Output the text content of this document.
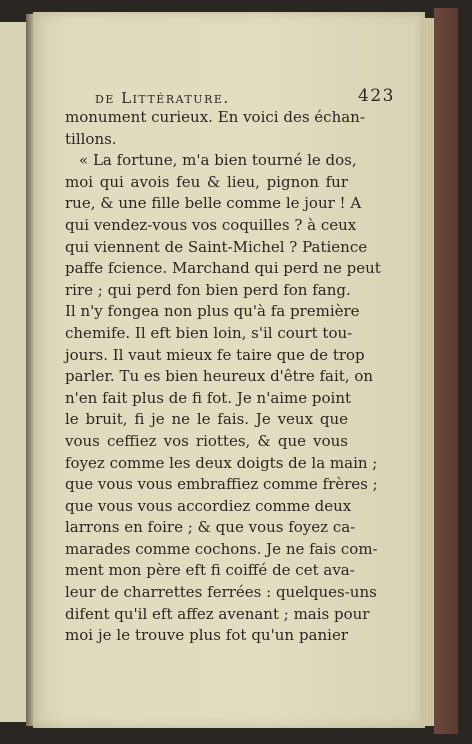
de Littérature.	423
monument curieux. En voici des échan-
tillons.
« La fortune, m'a bien tourné le dos,
moi qui avois feu & lieu, pignon fur
rue, & une fille belle comme le jour ! A
qui vendez-vous vos coquilles ? à ceux
qui viennent de Saint-Michel ? Patience
paffe fcience. Marchand qui perd ne peut
rire ; qui perd fon bien perd fon fang.
Il n'y fongea non plus qu'à fa première
chemife. Il eft bien loin, s'il court tou-
jours. Il vaut mieux fe taire que de trop
parler. Tu es bien heureux d'être fait, on
n'en fait plus de fi fot. Je n'aime point
le bruit, fi je ne le fais. Je veux que
vous ceffiez vos riottes, & que vous
foyez comme les deux doigts de la main ;
que vous vous embraffiez comme frères ;
que vous vous accordiez comme deux
larrons en foire ; & que vous foyez ca-
marades comme cochons. Je ne fais com-
ment mon père eft fi coiffé de cet ava-
leur de charrettes ferrées : quelques-uns
difent qu'il eft affez avenant ; mais pour
moi je le trouve plus fot qu'un panier
